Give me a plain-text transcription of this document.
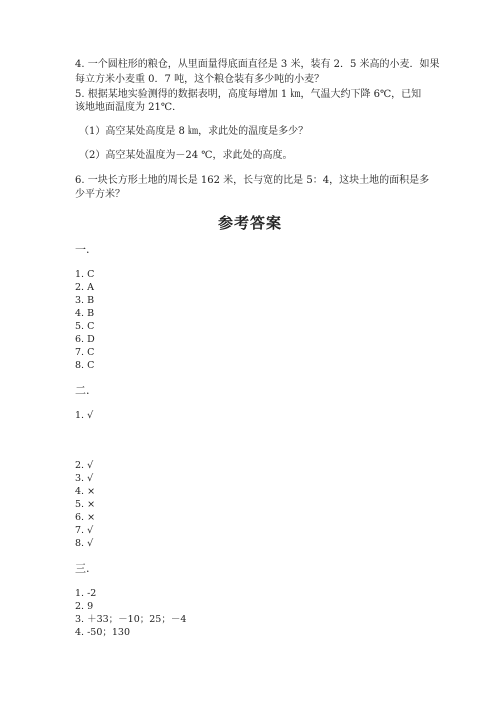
4. 一个圆柱形的粮仓，从里面量得底面直径是 3 米，装有 2．5 米高的小麦．如果
每立方米小麦重 0．7 吨，这个粮仓装有多少吨的小麦？
5. 根据某地实验测得的数据表明，高度每增加 1 ㎞，气温大约下降 6℃，已知
该地地面温度为 21℃．
（1）高空某处高度是 8 ㎞，求此处的温度是多少？
（2）高空某处温度为－24 ℃，求此处的高度。
6. 一块长方形土地的周长是 162 米，长与宽的比是 5：4，这块土地的面积是多
少平方米？
参考答案
一.
1. C
2. A
3. B
4. B
5. C
6. D
7. C
8. C
二.
1. √
2. √
3. √
4. ×
5. ×
6. ×
7. √
8. √
三.
1. -2
2. 9
3. ＋33；－10；25；－4
4. -50；130
